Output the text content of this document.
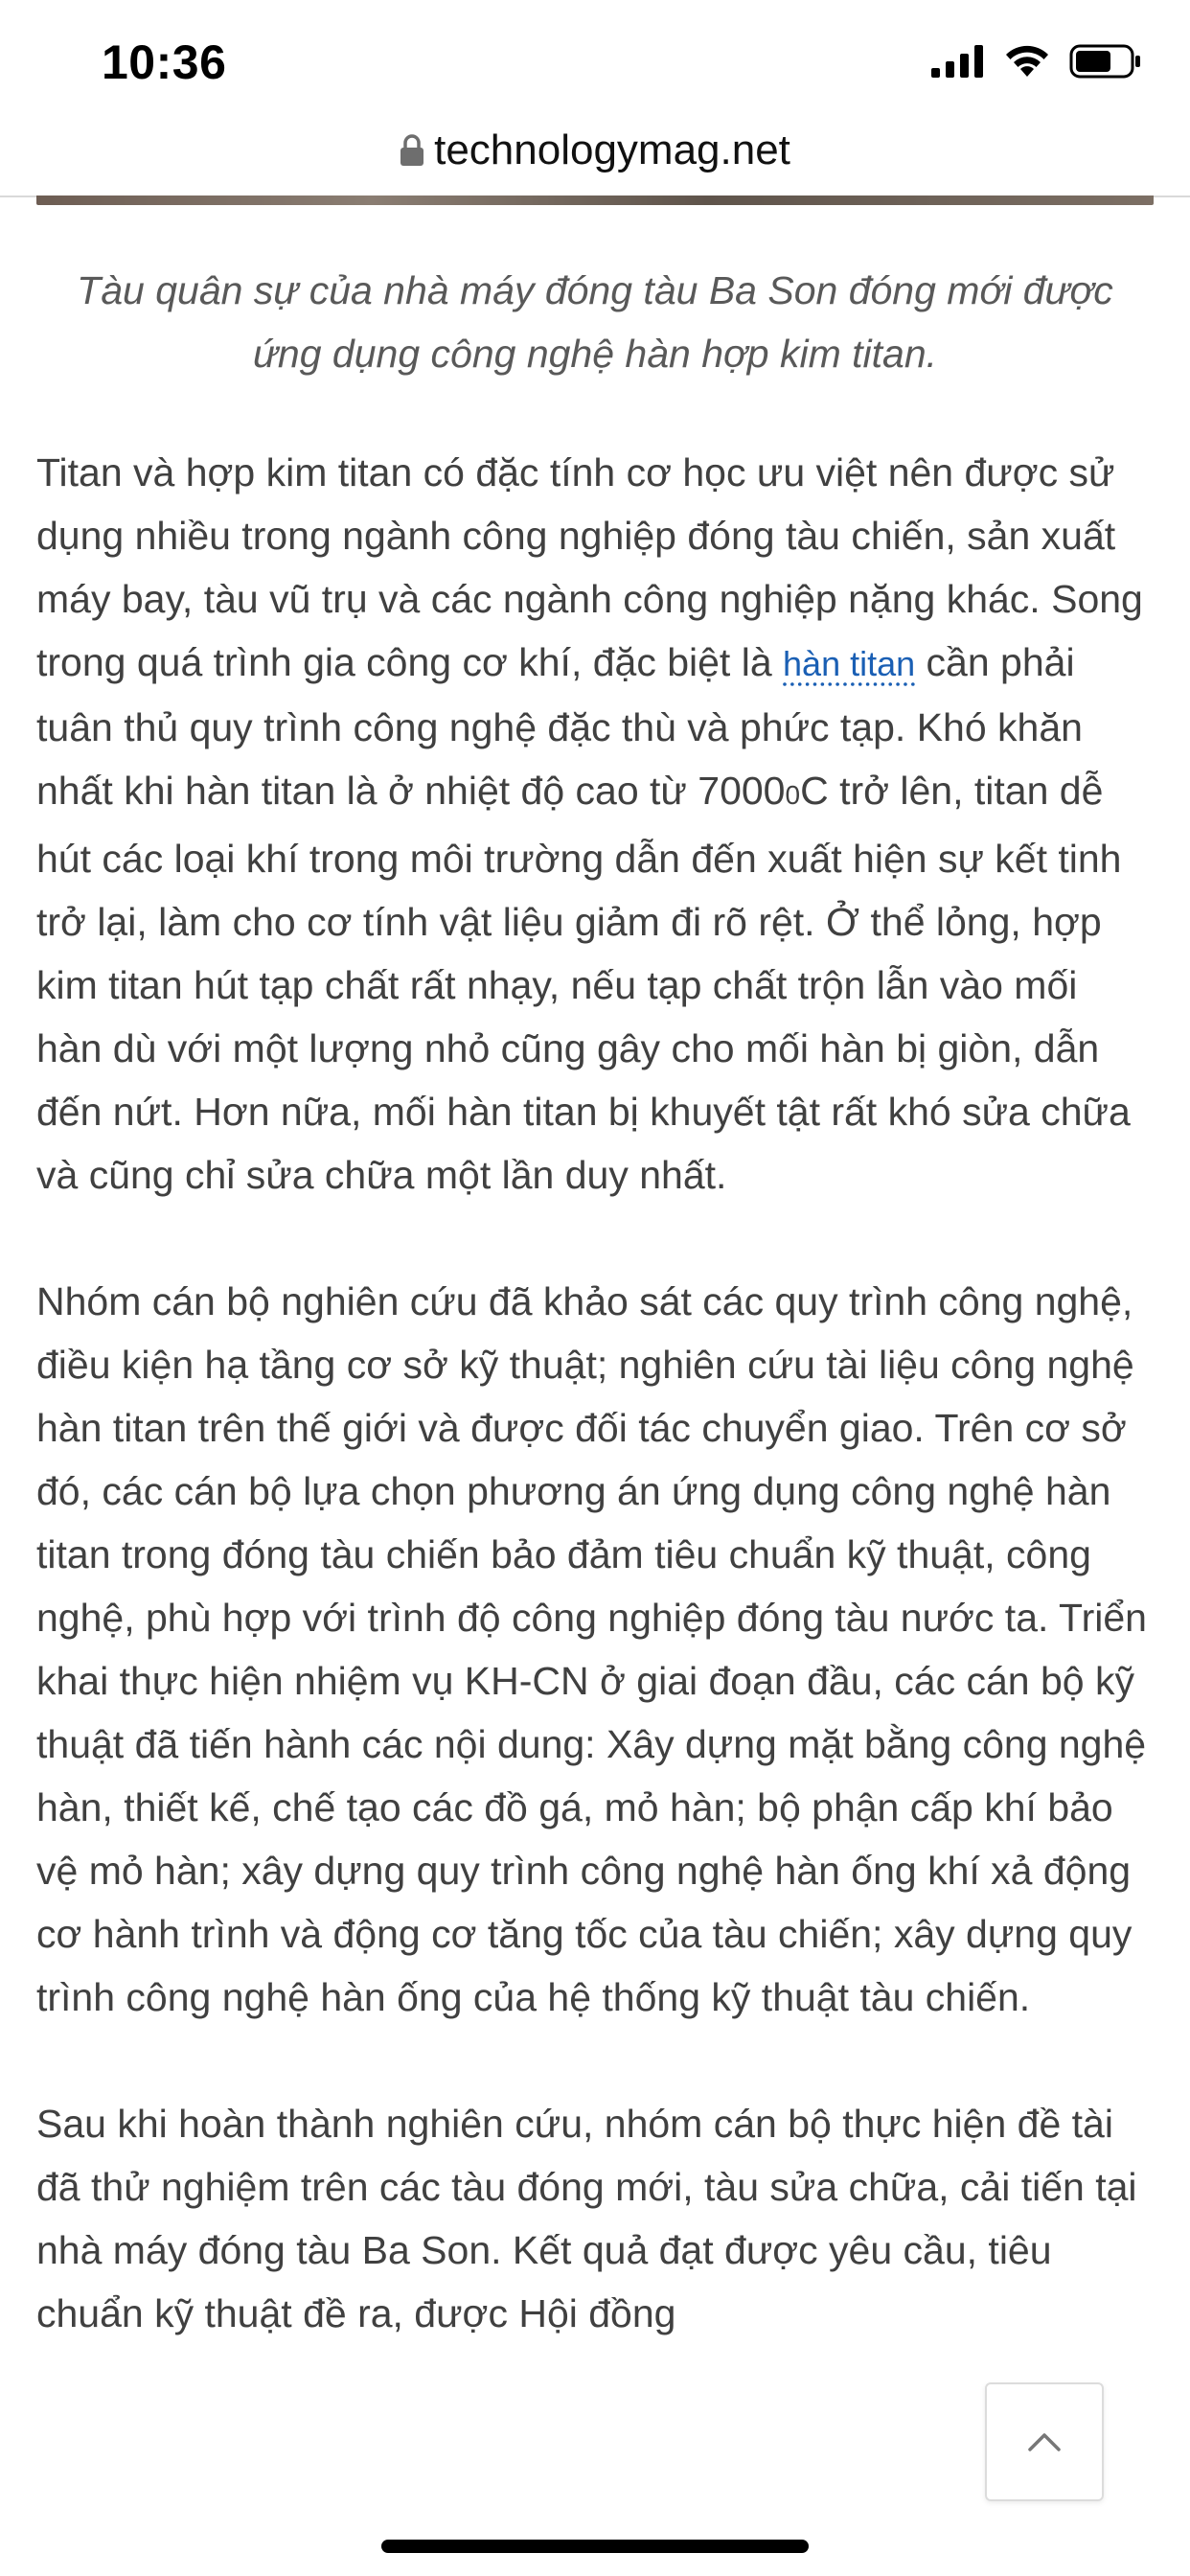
10:36
technologymag.net

Tàu quân sự của nhà máy đóng tàu Ba Son đóng mới được ứng dụng công nghệ hàn hợp kim titan.

Titan và hợp kim titan có đặc tính cơ học ưu việt nên được sử dụng nhiều trong ngành công nghiệp đóng tàu chiến, sản xuất máy bay, tàu vũ trụ và các ngành công nghiệp nặng khác. Song trong quá trình gia công cơ khí, đặc biệt là hàn titan cần phải tuân thủ quy trình công nghệ đặc thù và phức tạp. Khó khăn nhất khi hàn titan là ở nhiệt độ cao từ 70000C trở lên, titan dễ hút các loại khí trong môi trường dẫn đến xuất hiện sự kết tinh trở lại, làm cho cơ tính vật liệu giảm đi rõ rệt. Ở thể lỏng, hợp kim titan hút tạp chất rất nhạy, nếu tạp chất trộn lẫn vào mối hàn dù với một lượng nhỏ cũng gây cho mối hàn bị giòn, dẫn đến nứt. Hơn nữa, mối hàn titan bị khuyết tật rất khó sửa chữa và cũng chỉ sửa chữa một lần duy nhất.

Nhóm cán bộ nghiên cứu đã khảo sát các quy trình công nghệ, điều kiện hạ tầng cơ sở kỹ thuật; nghiên cứu tài liệu công nghệ hàn titan trên thế giới và được đối tác chuyển giao. Trên cơ sở đó, các cán bộ lựa chọn phương án ứng dụng công nghệ hàn titan trong đóng tàu chiến bảo đảm tiêu chuẩn kỹ thuật, công nghệ, phù hợp với trình độ công nghiệp đóng tàu nước ta. Triển khai thực hiện nhiệm vụ KH-CN ở giai đoạn đầu, các cán bộ kỹ thuật đã tiến hành các nội dung: Xây dựng mặt bằng công nghệ hàn, thiết kế, chế tạo các đồ gá, mỏ hàn; bộ phận cấp khí bảo vệ mỏ hàn; xây dựng quy trình công nghệ hàn ống khí xả động cơ hành trình và động cơ tăng tốc của tàu chiến; xây dựng quy trình công nghệ hàn ống của hệ thống kỹ thuật tàu chiến.

Sau khi hoàn thành nghiên cứu, nhóm cán bộ thực hiện đề tài đã thử nghiệm trên các tàu đóng mới, tàu sửa chữa, cải tiến tại nhà máy đóng tàu Ba Son. Kết quả đạt được yêu cầu, tiêu chuẩn kỹ thuật đề ra, được Hội đồng
